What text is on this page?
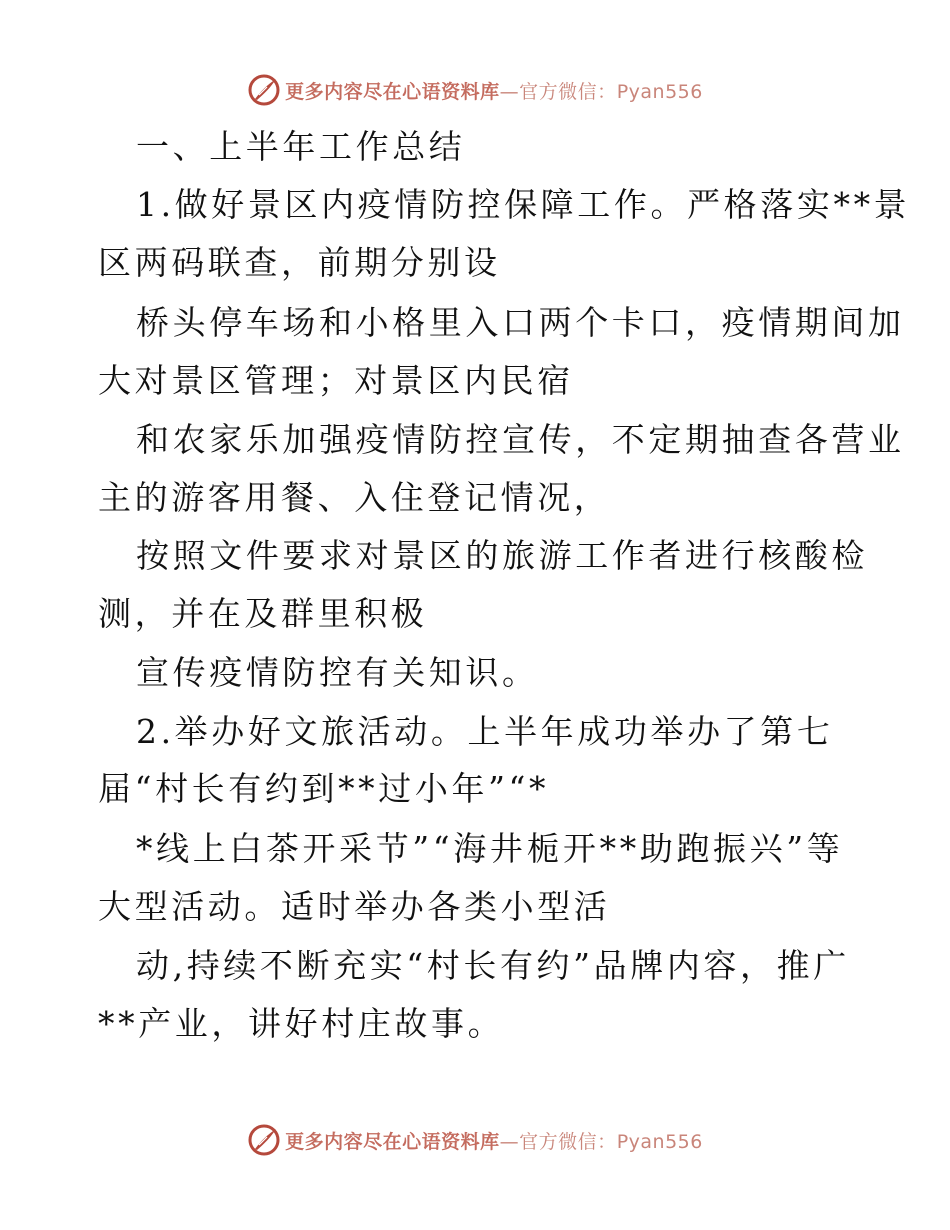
更多内容尽在心语资料库—官方微信：Pyan556
一、上半年工作总结
1.做好景区内疫情防控保障工作。严格落实**景
区两码联查，前期分别设
桥头停车场和小格里入口两个卡口，疫情期间加
大对景区管理；对景区内民宿
和农家乐加强疫情防控宣传，不定期抽查各营业
主的游客用餐、入住登记情况，
按照文件要求对景区的旅游工作者进行核酸检
测，并在及群里积极
宣传疫情防控有关知识。
2.举办好文旅活动。上半年成功举办了第七
届“村长有约到**过小年”“*
*线上白茶开采节”“海井栀开**助跑振兴”等
大型活动。适时举办各类小型活
动,持续不断充实“村长有约”品牌内容，推广
**产业，讲好村庄故事。
更多内容尽在心语资料库—官方微信：Pyan556
